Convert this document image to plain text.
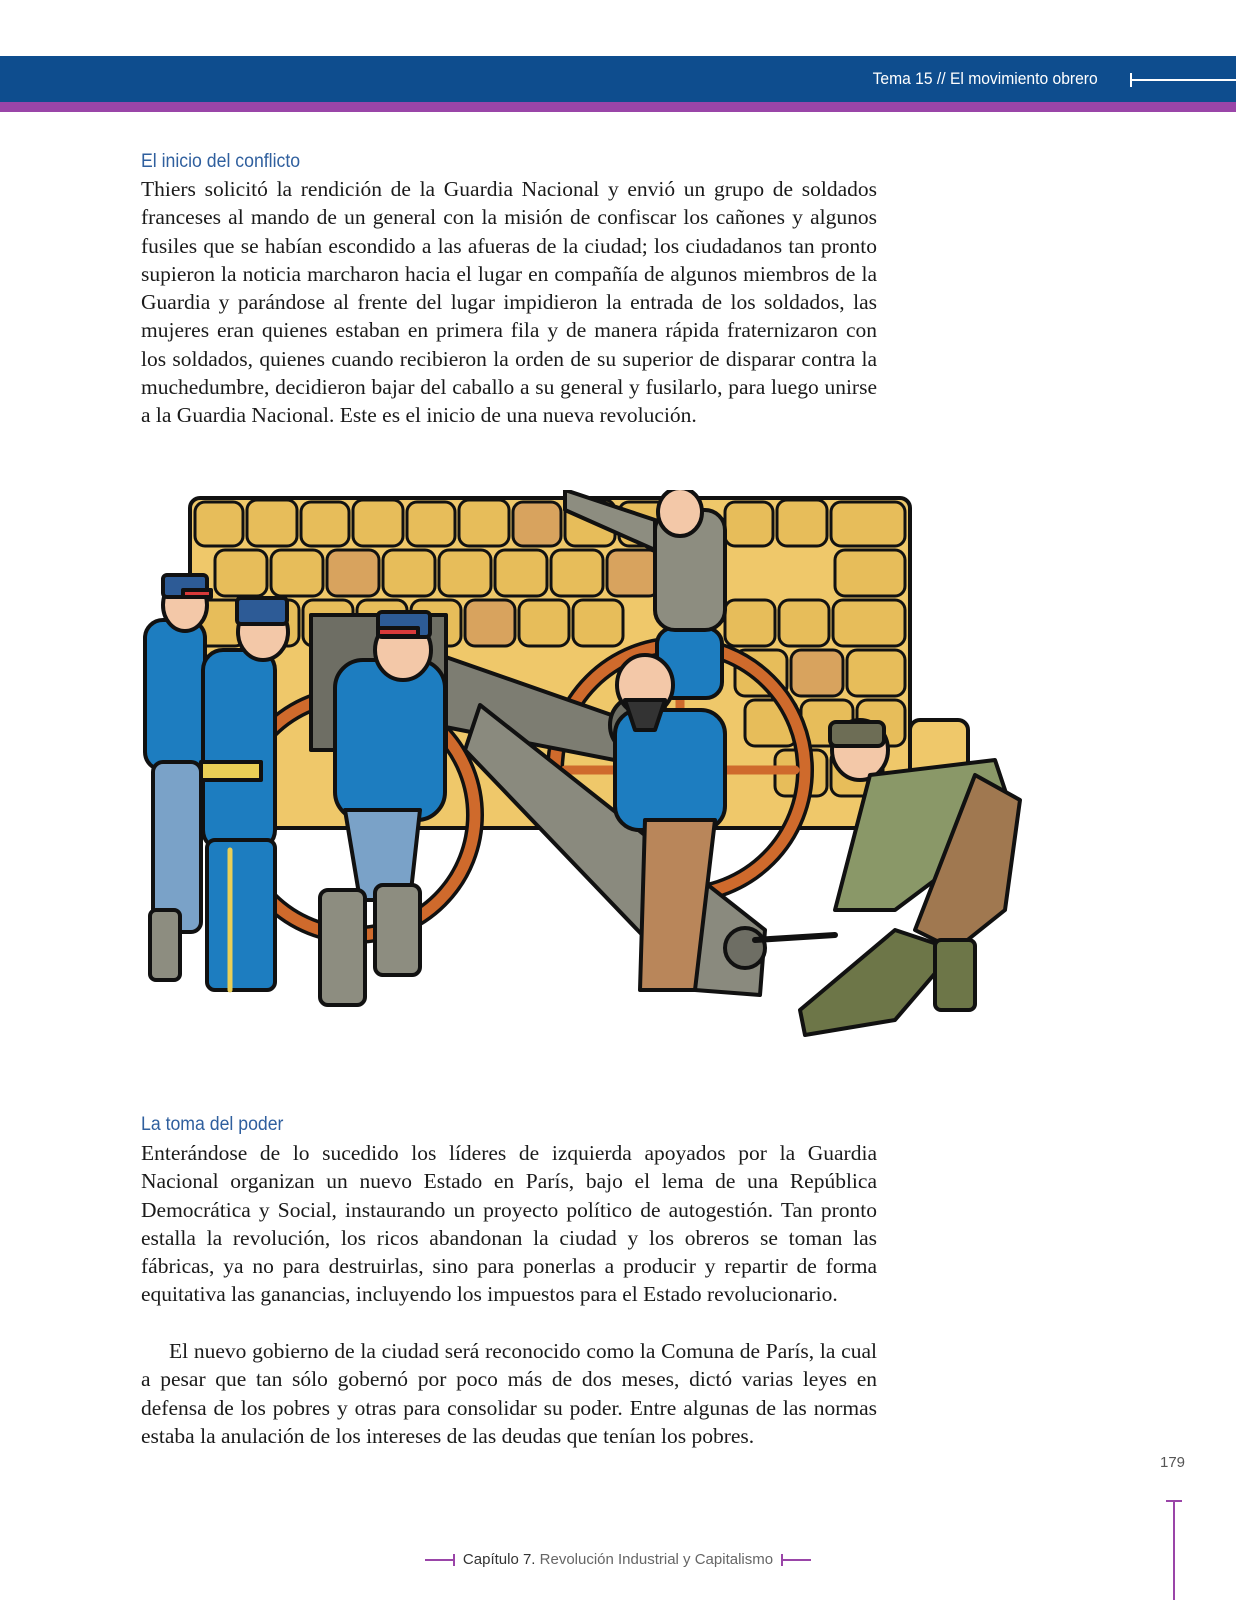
Tema 15 // El movimiento obrero
El inicio del conflicto

Thiers solicitó la rendición de la Guardia Nacional y envió un grupo de soldados franceses al mando de un general con la misión de confiscar los cañones y algunos fusiles que se habían escondido a las afueras de la ciudad; los ciudadanos tan pronto supieron la noticia marcharon hacia el lugar en compañía de algunos miembros de la Guardia y parándose al frente del lugar impidieron la entrada de los soldados, las mujeres eran quienes estaban en primera fila y de manera rápida fraternizaron con los soldados, quienes cuando recibieron la orden de su superior de disparar contra la muchedumbre, decidieron bajar del caballo a su general y fusilarlo, para luego unirse a la Guardia Nacional. Este es el inicio de una nueva revolución.

La toma del poder

Enterándose de lo sucedido los líderes de izquierda apoyados por la Guardia Nacional organizan un nuevo Estado en París, bajo el lema de una República Democrática y Social, instaurando un proyecto político de autogestión. Tan pronto estalla la revolución, los ricos abandonan la ciudad y los obreros se toman las fábricas, ya no para destruirlas, sino para ponerlas a producir y repartir de forma equitativa las ganancias, incluyendo los impuestos para el Estado revolucionario.

El nuevo gobierno de la ciudad será reconocido como la Comuna de París, la cual a pesar que tan sólo gobernó por poco más de dos meses, dictó varias leyes en defensa de los pobres y otras para consolidar su poder. Entre algunas de las normas estaba la anulación de los intereses de las deudas que tenían los pobres.

179
Capítulo 7. Revolución Industrial y Capitalismo
